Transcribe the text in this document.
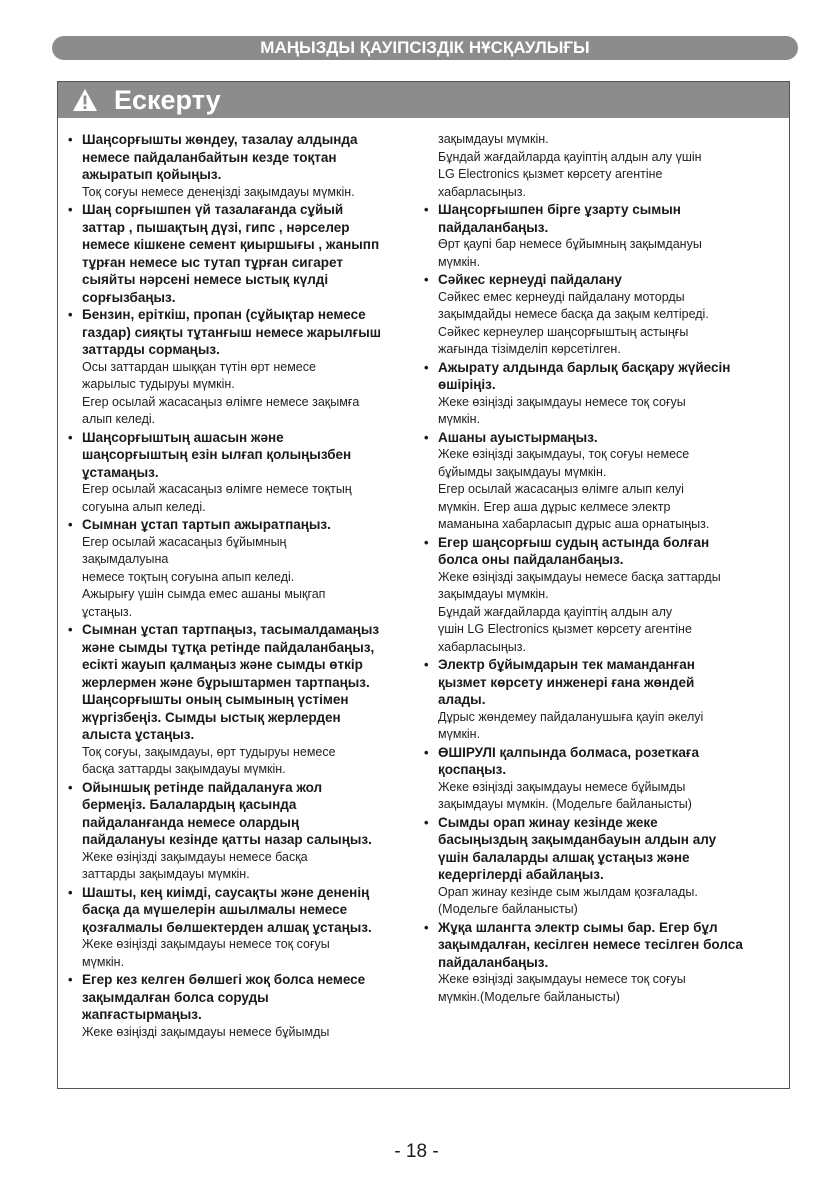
МАҢЫЗДЫ ҚАУІПСІЗДІК НҰСҚАУЛЫҒЫ
Ескерту
• Шаңсорғышты жөндеу, тазалау алдында
немесе пайдаланбайтын кезде тоқтан
ажыратып қойыңыз.
Тоқ соғуы немесе денеңізді зақымдауы мүмкін.
• Шаң сорғышпен үй тазалағанда сұйый
заттар , пышақтың дүзі, гипс , нәрселер
немесе кішкене семент қиыршығы , жаныпп
тұрған немесе ыс тутап тұрған сигарет
сыяйты нәрсені немесе ыстық күлді
сорғызбаңыз.
• Бензин, еріткіш, пропан (сұйықтар немесе
газдар) сияқты тұтанғыш немесе жарылғыш
заттарды сормаңыз.
Осы заттардан шыққан түтін өрт немесе
жарылыс тудыруы мүмкін.
Егер осылай жасасаңыз өлімге немесе зақымға
алып келеді.
• Шаңсорғыштың ашасын және
шаңсорғыштың езін ылғап қолыңызбен
ұстамаңыз.
Егер осылай жасасаңыз өлімге немесе тоқтың
согуына алып келеді.
• Сымнан ұстап тартып ажыратпаңыз.
Егер осылай жасасаңыз бұйымның
зақымдалуына
немесе тоқтың соғуына апып келеді.
Ажырығу үшін сымда емес ашаны мықгап
ұстаңыз.
• Сымнан ұстап тартпаңыз, тасымалдамаңыз
және сымды тұтқа ретінде пайдаланбаңыз,
есікті жауып қалмаңыз және сымды өткір
жерлермен және бұрыштармен тартпаңыз.
Шаңсорғышты оның сымының үстімен
жүргізбеңіз. Сымды ыстық жерлерден
алыста ұстаңыз.
Тоқ соғуы, зақымдауы, өрт тудыруы немесе
басқа заттарды зақымдауы мүмкін.
• Ойыншық ретінде пайдалануға жол
бермеңіз. Балалардың қасында
пайдаланғанда немесе олардың
пайдалануы кезінде қатты назар салыңыз.
Жеке өзіңізді зақымдауы немесе басқа
заттарды зақымдауы мүмкін.
• Шашты, кең киімді, саусақты және дененің
басқа да мүшелерін ашылмалы немесе
қозғалмалы бөлшектерден алшақ ұстаңыз.
Жеке өзіңізді зақымдауы немесе тоқ соғуы
мүмкін.
• Егер кез келген бөлшегі жоқ болса немесе
зақымдалған болса соруды
жапғастырмаңыз.
Жеке өзіңізді зақымдауы немесе бұйымды
зақымдауы мүмкін.
Бұндай жағдайларда қауіптің алдын алу үшін
LG Electronics қызмет көрсету агентіне
хабарласыңыз.
• Шаңсорғышпен бірге ұзарту сымын
пайдаланбаңыз.
Өрт қаупі бар немесе бұйымның зақымдануы
мүмкін.
• Сәйкес кернеуді пайдалану
Сәйкес емес кернеуді пайдалану моторды
зақымдайды немесе басқа да зақым келтіреді.
Сәйкес кернеулер шаңсорғыштың астыңғы
жағында тізімделіп көрсетілген.
• Ажырату алдында барлық басқару жүйесін
өшіріңіз.
Жеке өзіңізді зақымдауы немесе тоқ соғуы
мүмкін.
• Ашаны ауыстырмаңыз.
Жеке өзіңізді зақымдауы, тоқ соғуы немесе
бұйымды зақымдауы мүмкін.
Егер осылай жасасаңыз өлімге алып келуі
мүмкін. Егер аша дұрыс келмесе электр
маманына хабарласып дұрыс аша орнатыңыз.
• Егер шаңсорғыш судың астында болған
болса оны пайдаланбаңыз.
Жеке өзіңізді зақымдауы немесе басқа заттарды
зақымдауы мүмкін.
Бұндай жағдайларда қауіптің алдын алу
үшін LG Electronics қызмет көрсету агентіне
хабарласыңыз.
• Электр бұйымдарын тек маманданған
қызмет көрсету инженері ғана жөндей
алады.
Дұрыс жөндемеу пайдаланушыға қауіп әкелуі
мүмкін.
• ӨШІРУЛІ қалпында болмаса, розеткаға
қоспаңыз.
Жеке өзіңізді зақымдауы немесе бұйымды
зақымдауы мүмкін. (Модельге байланысты)
• Сымды орап жинау кезінде жеке
басыңыздың зақымданбауын алдын алу
үшін балаларды алшақ ұстаңыз және
кедергілерді абайлаңыз.
Орап жинау кезінде сым жылдам қозғалады.
(Модельге байланысты)
• Жұқа шлангта электр сымы бар. Егер бұл
зақымдалған, кесілген немесе тесілген болса
пайдаланбаңыз.
Жеке өзіңізді зақымдауы немесе тоқ соғуы
мүмкін.(Модельге байланысты)
- 18 -
